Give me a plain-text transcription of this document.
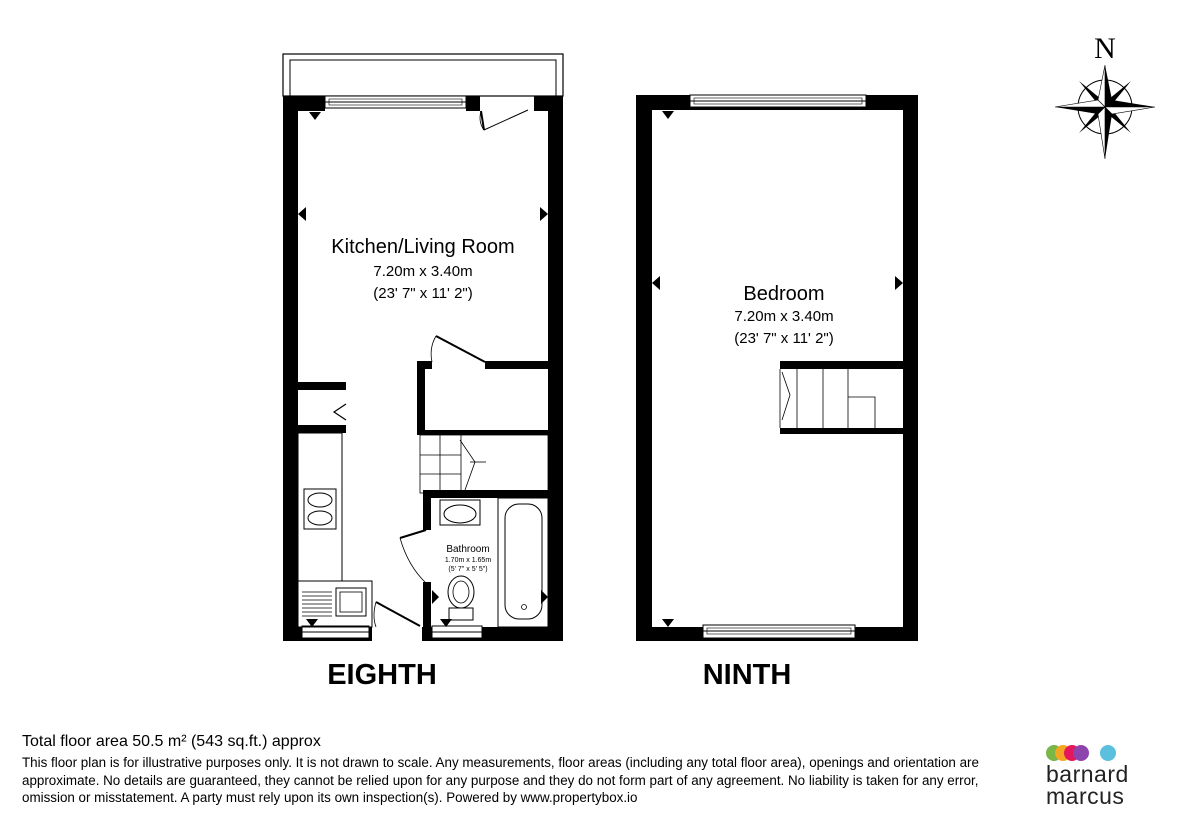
N
Kitchen/Living Room
7.20m x 3.40m
(23' 7" x 11' 2")
Bathroom
1.70m x 1.65m
(5' 7" x 5' 5")
Bedroom
7.20m x 3.40m
(23' 7" x 11' 2")
EIGHTH	NINTH

Total floor area 50.5 m² (543 sq.ft.) approx

This floor plan is for illustrative purposes only. It is not drawn to scale. Any measurements, floor areas (including any total floor area), openings and orientation are approximate. No details are guaranteed, they cannot be relied upon for any purpose and they do not form part of any agreement. No liability is taken for any error, omission or misstatement. A party must rely upon its own inspection(s). Powered by www.propertybox.io

barnard
marcus
